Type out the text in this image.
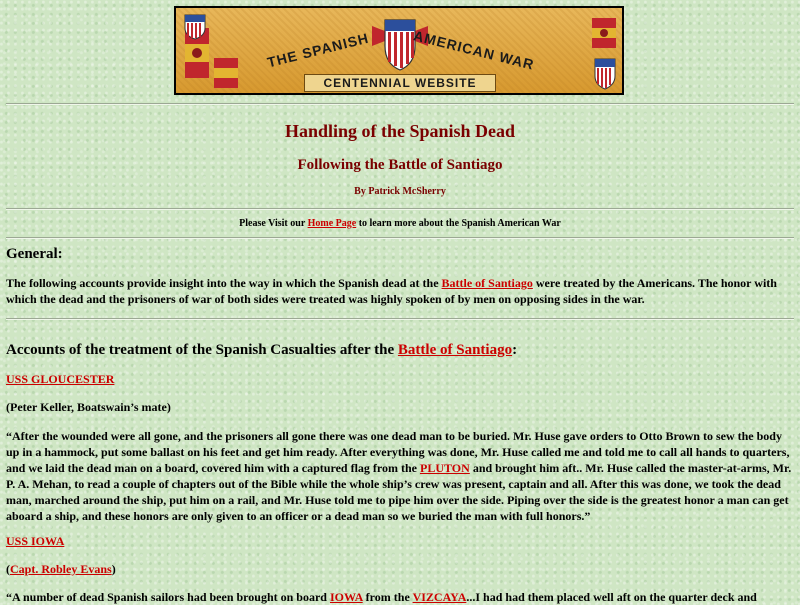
THE SPANISH	AMERICAN WAR
CENTENNIAL WEBSITE
Handling of the Spanish Dead
Following the Battle of Santiago
By Patrick McSherry
Please Visit our Home Page to learn more about the Spanish American War
General:
The following accounts provide insight into the way in which the Spanish dead at the Battle of Santiago were treated by the Americans. The honor with which the dead and the prisoners of war of both sides were treated was highly spoken of by men on opposing sides in the war.
Accounts of the treatment of the Spanish Casualties after the Battle of Santiago:
USS GLOUCESTER
(Peter Keller, Boatswain’s mate)
“After the wounded were all gone, and the prisoners all gone there was one dead man to be buried. Mr. Huse gave orders to Otto Brown to sew the body up in a hammock, put some ballast on his feet and get him ready. After everything was done, Mr. Huse called me and told me to call all hands to quarters, and we laid the dead man on a board, covered him with a captured flag from the PLUTON and brought him aft.. Mr. Huse called the master-at-arms, Mr. P. A. Mehan, to read a couple of chapters out of the Bible while the whole ship’s crew was present, captain and all. After this was done, we took the dead man, marched around the ship, put him on a rail, and Mr. Huse told me to pipe him over the side. Piping over the side is the greatest honor a man can get aboard a ship, and these honors are only given to an officer or a dead man so we buried the man with full honors.”
USS IOWA
(Capt. Robley Evans)
“A number of dead Spanish sailors had been brought on board IOWA from the VIZCAYA...I had had them placed well aft on the quarter deck and
